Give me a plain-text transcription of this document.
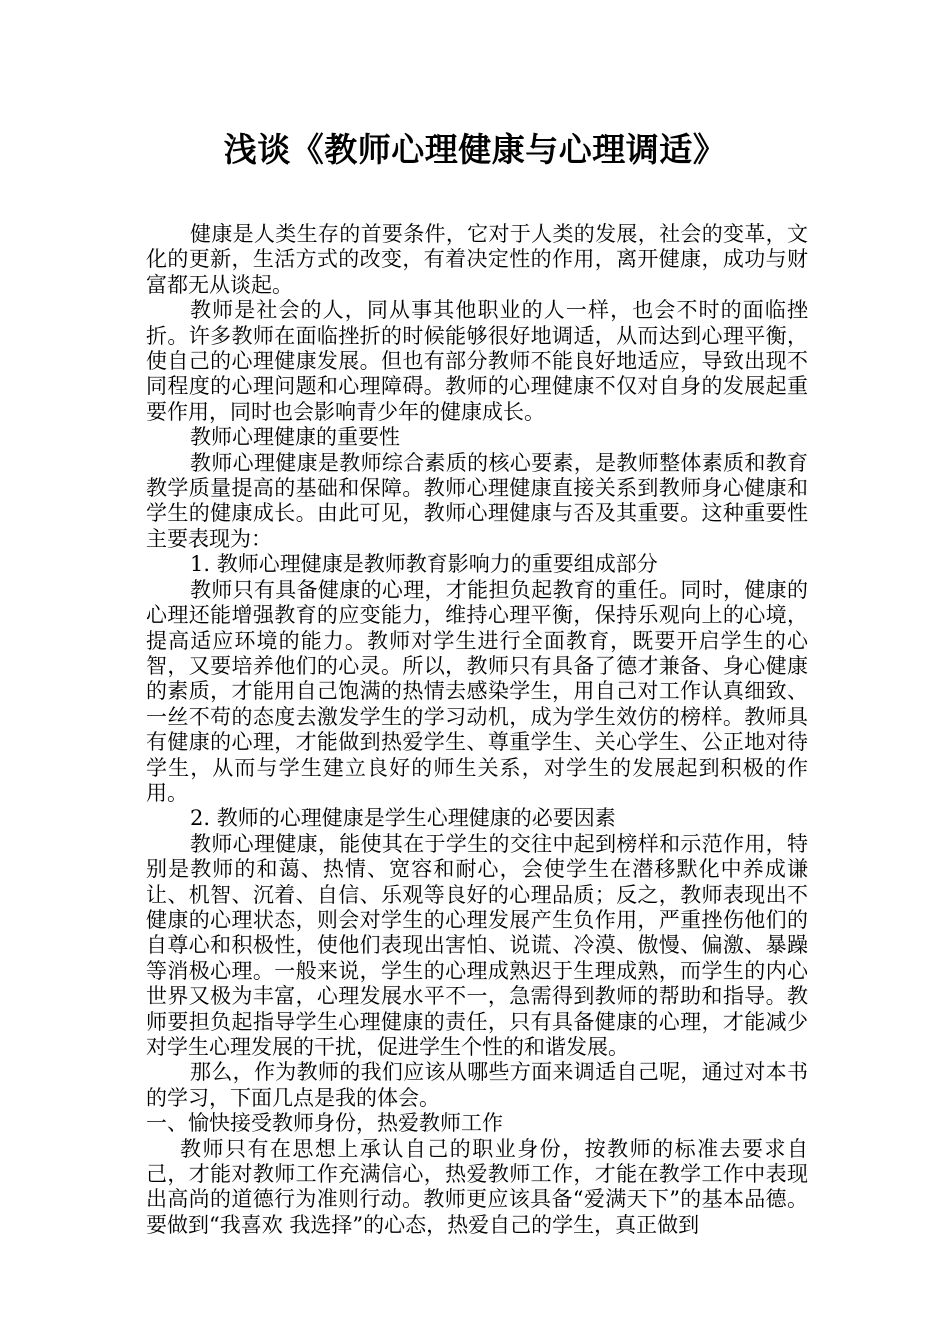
浅谈《教师心理健康与心理调适》

健康是人类生存的首要条件，它对于人类的发展，社会的变革，文化的更新，生活方式的改变，有着决定性的作用，离开健康，成功与财富都无从谈起。

教师是社会的人，同从事其他职业的人一样，也会不时的面临挫折。许多教师在面临挫折的时候能够很好地调适，从而达到心理平衡，使自己的心理健康发展。但也有部分教师不能良好地适应，导致出现不同程度的心理问题和心理障碍。教师的心理健康不仅对自身的发展起重要作用，同时也会影响青少年的健康成长。

教师心理健康的重要性

教师心理健康是教师综合素质的核心要素，是教师整体素质和教育教学质量提高的基础和保障。教师心理健康直接关系到教师身心健康和学生的健康成长。由此可见，教师心理健康与否及其重要。这种重要性主要表现为：

1. 教师心理健康是教师教育影响力的重要组成部分

教师只有具备健康的心理，才能担负起教育的重任。同时，健康的心理还能增强教育的应变能力，维持心理平衡，保持乐观向上的心境，提高适应环境的能力。教师对学生进行全面教育，既要开启学生的心智，又要培养他们的心灵。所以，教师只有具备了德才兼备、身心健康的素质，才能用自己饱满的热情去感染学生，用自己对工作认真细致、一丝不苟的态度去激发学生的学习动机，成为学生效仿的榜样。教师具有健康的心理，才能做到热爱学生、尊重学生、关心学生、公正地对待学生，从而与学生建立良好的师生关系，对学生的发展起到积极的作用。

2. 教师的心理健康是学生心理健康的必要因素

教师心理健康，能使其在于学生的交往中起到榜样和示范作用，特别是教师的和蔼、热情、宽容和耐心，会使学生在潜移默化中养成谦让、机智、沉着、自信、乐观等良好的心理品质；反之，教师表现出不健康的心理状态，则会对学生的心理发展产生负作用，严重挫伤他们的自尊心和积极性，使他们表现出害怕、说谎、冷漠、傲慢、偏激、暴躁等消极心理。一般来说，学生的心理成熟迟于生理成熟，而学生的内心世界又极为丰富，心理发展水平不一，急需得到教师的帮助和指导。教师要担负起指导学生心理健康的责任，只有具备健康的心理，才能减少对学生心理发展的干扰，促进学生个性的和谐发展。

那么，作为教师的我们应该从哪些方面来调适自己呢，通过对本书的学习，下面几点是我的体会。

一、愉快接受教师身份，热爱教师工作

教师只有在思想上承认自己的职业身份，按教师的标准去要求自己，才能对教师工作充满信心，热爱教师工作，才能在教学工作中表现出高尚的道德行为准则行动。教师更应该具备“爱满天下”的基本品德。要做到“我喜欢 我选择”的心态，热爱自己的学生，真正做到
